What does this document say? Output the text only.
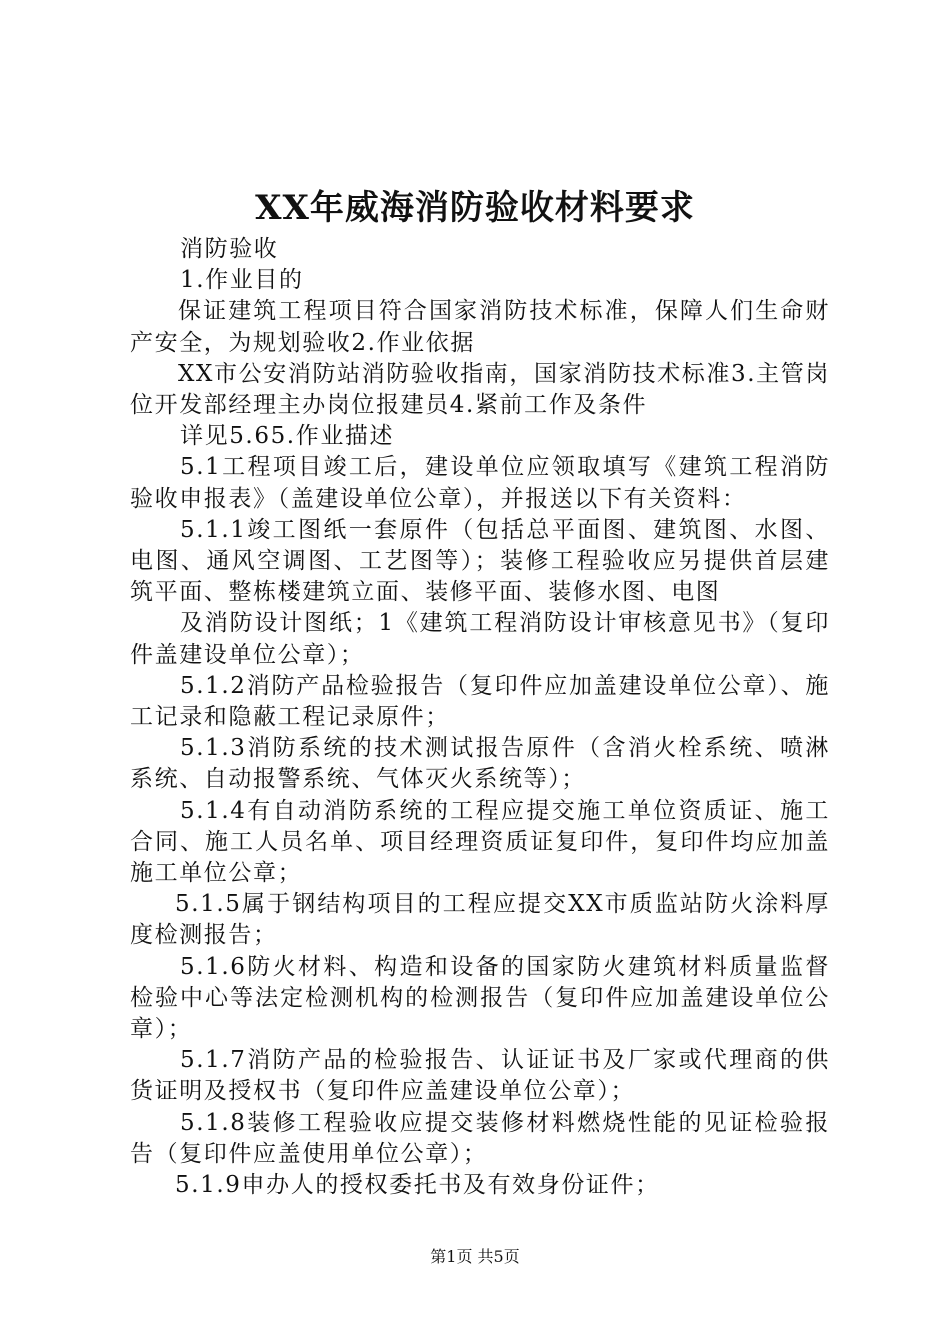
XX年威海消防验收材料要求

消防验收

1.作业目的

保证建筑工程项目符合国家消防技术标准，保障人们生命财产安全，为规划验收2.作业依据

XX市公安消防站消防验收指南，国家消防技术标准3.主管岗位开发部经理主办岗位报建员4.紧前工作及条件

详见5.65.作业描述

5.1工程项目竣工后，建设单位应领取填写《建筑工程消防验收申报表》（盖建设单位公章），并报送以下有关资料：

5.1.1竣工图纸一套原件（包括总平面图、建筑图、水图、电图、通风空调图、工艺图等）；装修工程验收应另提供首层建筑平面、整栋楼建筑立面、装修平面、装修水图、电图

及消防设计图纸；1《建筑工程消防设计审核意见书》（复印件盖建设单位公章）；

5.1.2消防产品检验报告（复印件应加盖建设单位公章）、施工记录和隐蔽工程记录原件；

5.1.3消防系统的技术测试报告原件（含消火栓系统、喷淋系统、自动报警系统、气体灭火系统等）；

5.1.4有自动消防系统的工程应提交施工单位资质证、施工合同、施工人员名单、项目经理资质证复印件，复印件均应加盖施工单位公章；

5.1.5属于钢结构项目的工程应提交XX市质监站防火涂料厚度检测报告；

5.1.6防火材料、构造和设备的国家防火建筑材料质量监督检验中心等法定检测机构的检测报告（复印件应加盖建设单位公章）；

5.1.7消防产品的检验报告、认证证书及厂家或代理商的供货证明及授权书（复印件应盖建设单位公章）；

5.1.8装修工程验收应提交装修材料燃烧性能的见证检验报告（复印件应盖使用单位公章）；

5.1.9申办人的授权委托书及有效身份证件；

第1页 共5页
